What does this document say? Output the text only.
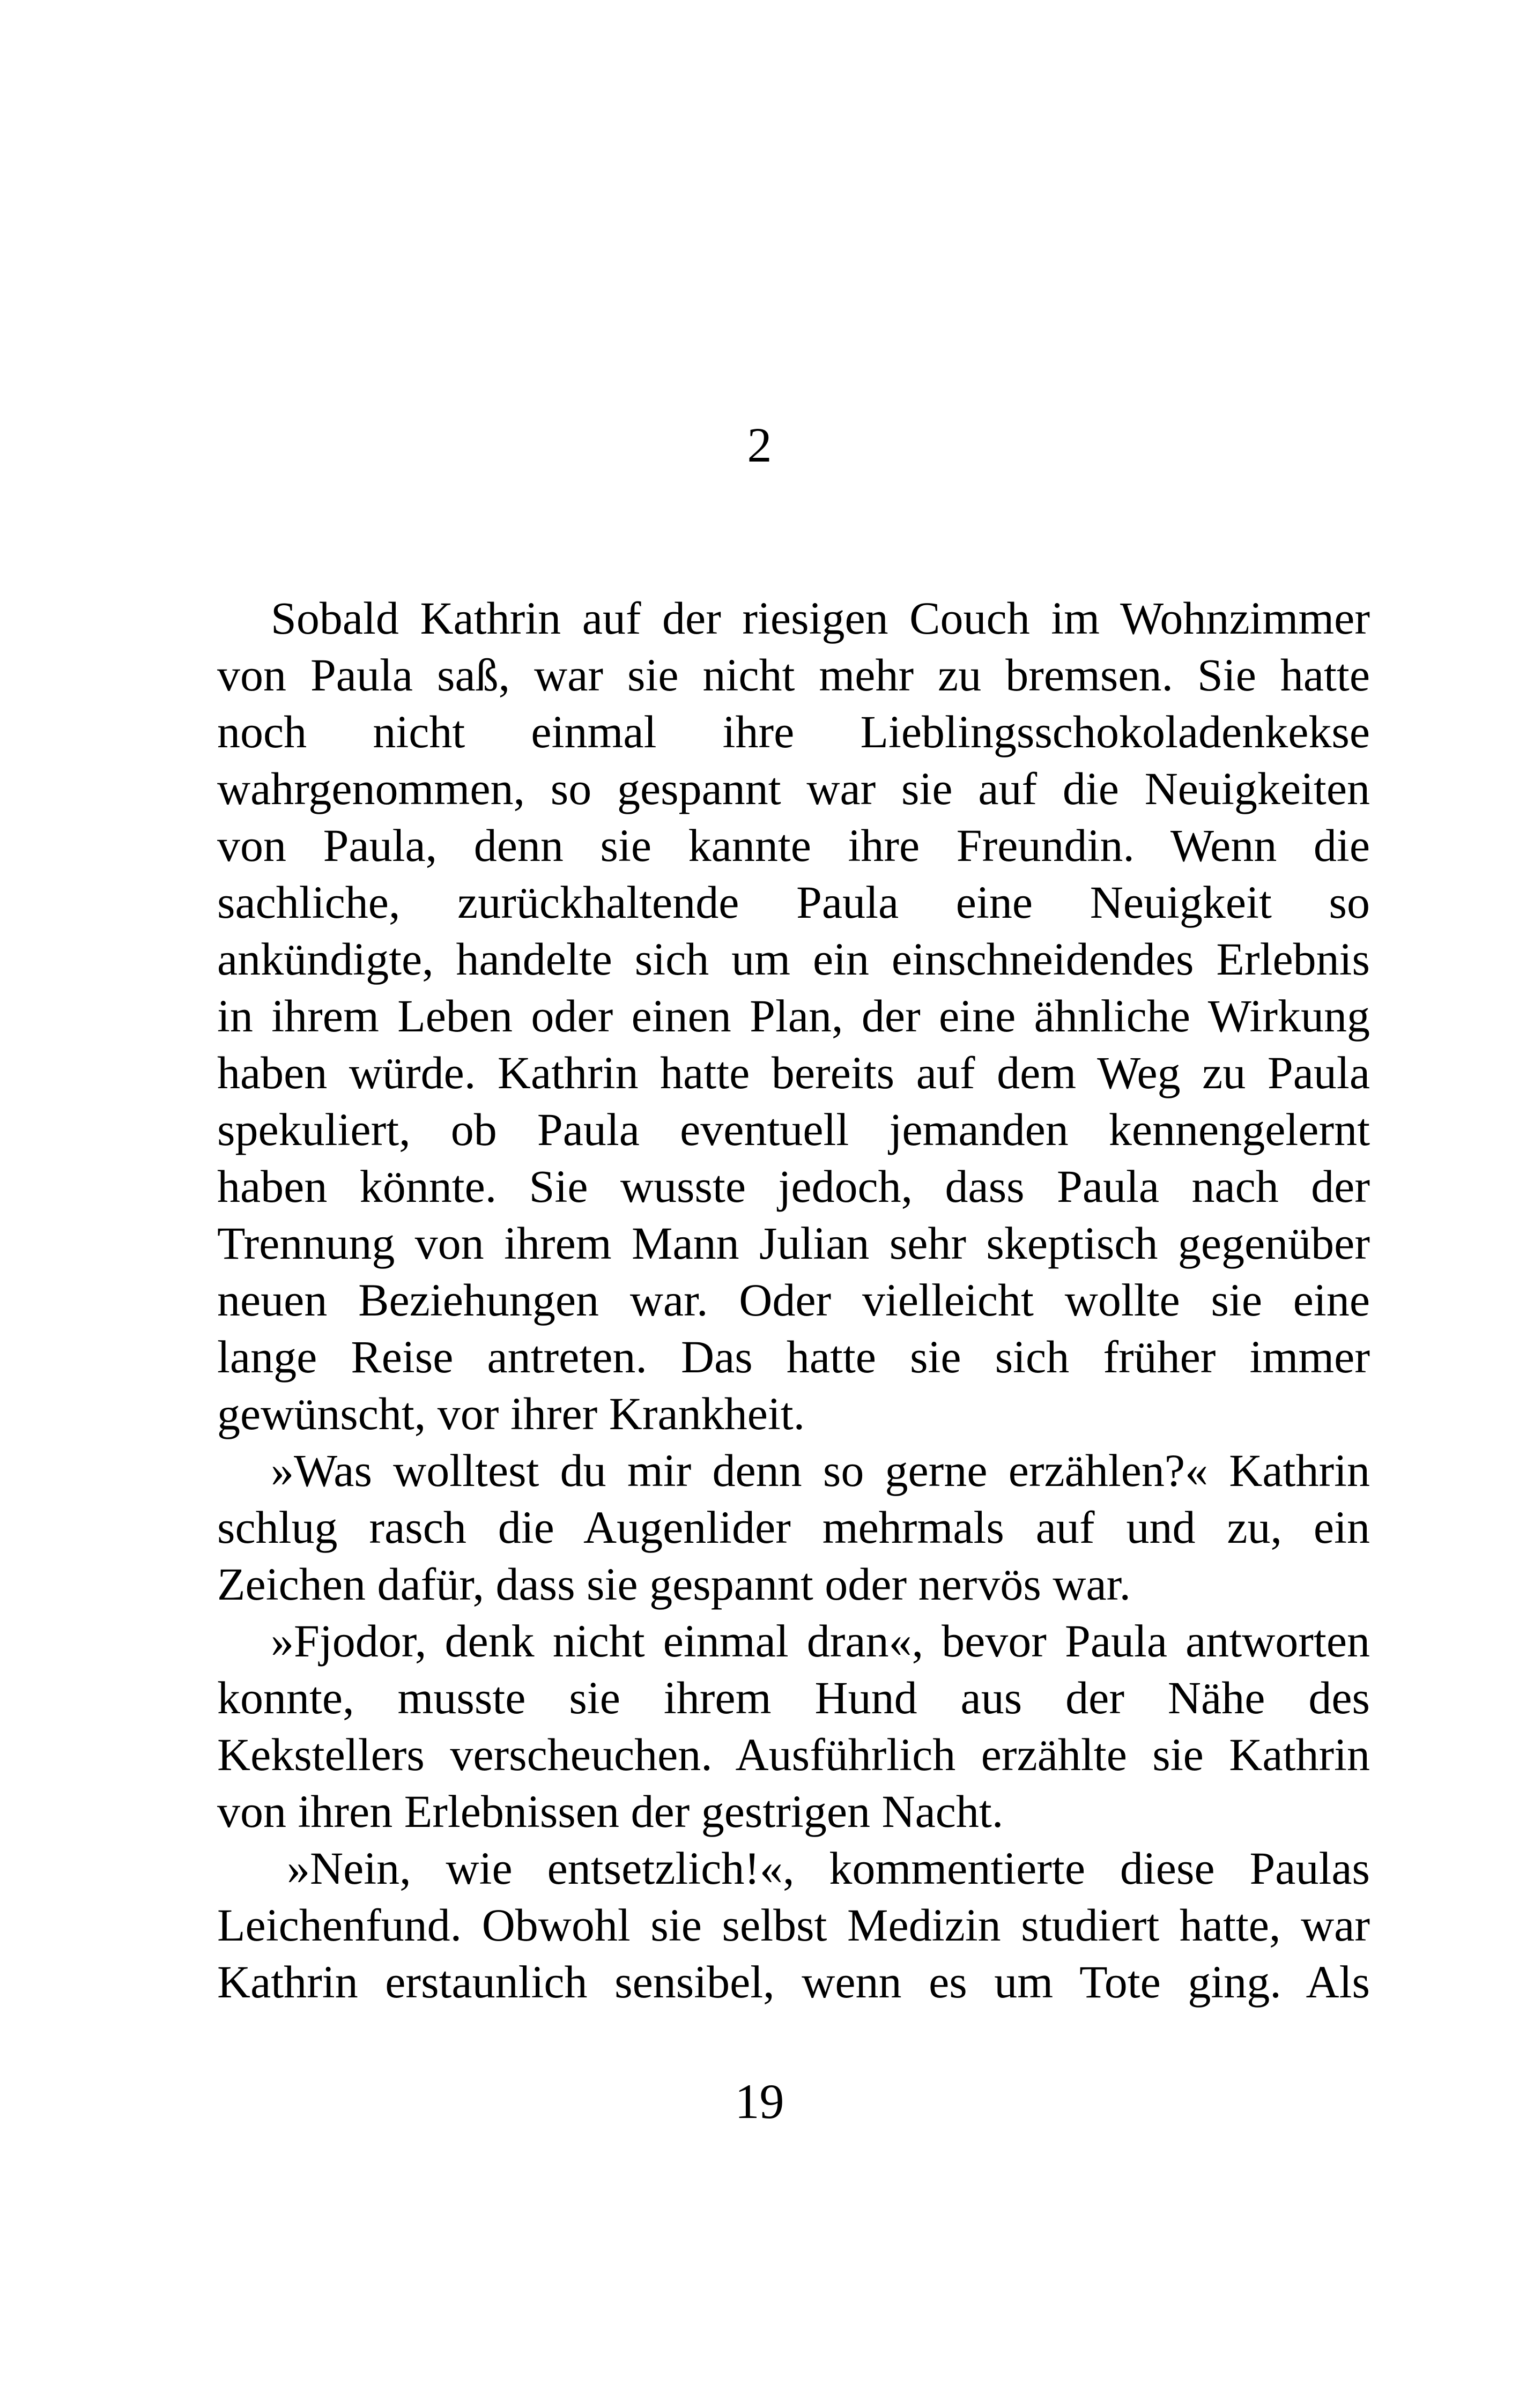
2
Sobald Kathrin auf der riesigen Couch im Wohnzimmer
von Paula saß, war sie nicht mehr zu bremsen. Sie hatte
noch nicht einmal ihre Lieblingsschokoladenkekse
wahrgenommen, so gespannt war sie auf die Neuigkeiten
von Paula, denn sie kannte ihre Freundin. Wenn die
sachliche, zurückhaltende Paula eine Neuigkeit so
ankündigte, handelte sich um ein einschneidendes Erlebnis
in ihrem Leben oder einen Plan, der eine ähnliche Wirkung
haben würde. Kathrin hatte bereits auf dem Weg zu Paula
spekuliert, ob Paula eventuell jemanden kennengelernt
haben könnte. Sie wusste jedoch, dass Paula nach der
Trennung von ihrem Mann Julian sehr skeptisch gegenüber
neuen Beziehungen war. Oder vielleicht wollte sie eine
lange Reise antreten. Das hatte sie sich früher immer
gewünscht, vor ihrer Krankheit.
»Was wolltest du mir denn so gerne erzählen?« Kathrin
schlug rasch die Augenlider mehrmals auf und zu, ein
Zeichen dafür, dass sie gespannt oder nervös war.
»Fjodor, denk nicht einmal dran«, bevor Paula antworten
konnte, musste sie ihrem Hund aus der Nähe des
Kekstellers verscheuchen. Ausführlich erzählte sie Kathrin
von ihren Erlebnissen der gestrigen Nacht.
»Nein, wie entsetzlich!«, kommentierte diese Paulas
Leichenfund. Obwohl sie selbst Medizin studiert hatte, war
Kathrin erstaunlich sensibel, wenn es um Tote ging. Als
19
